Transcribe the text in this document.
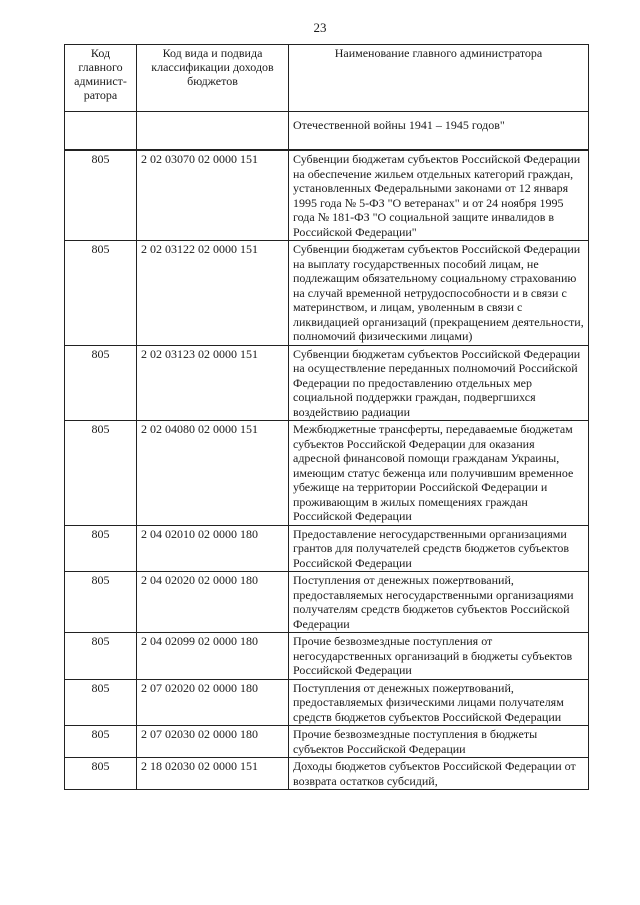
23
Код главного админист-ратора	Код вида и подвида классификации доходов бюджетов	Наименование главного администратора
		Отечественной войны 1941 – 1945 годов"

805	2 02 03070 02 0000 151	Субвенции бюджетам субъектов Российской Федерации на обеспечение жильем отдельных категорий граждан, установленных Федеральными законами от 12 января 1995 года № 5-ФЗ "О ветеранах" и от 24 ноября 1995 года № 181-ФЗ "О социальной защите инвалидов в Российской Федерации"
805	2 02 03122 02 0000 151	Субвенции бюджетам субъектов Российской Федерации на выплату государственных пособий лицам, не подлежащим обязательному социальному страхованию на случай временной нетрудоспособности и в связи с материнством, и лицам, уволенным в связи с ликвидацией организаций (прекращением деятельности, полномочий физическими лицами)
805	2 02 03123 02 0000 151	Субвенции бюджетам субъектов Российской Федерации на осуществление переданных полномочий Российской Федерации по предоставлению отдельных мер социальной поддержки граждан, подвергшихся воздействию радиации
805	2 02 04080 02 0000 151	Межбюджетные трансферты, передаваемые бюджетам субъектов Российской Федерации для оказания адресной финансовой помощи гражданам Украины, имеющим статус беженца или получившим временное убежище на территории Российской Федерации и проживающим в жилых помещениях граждан Российской Федерации
805	2 04 02010 02 0000 180	Предоставление негосударственными организациями грантов для получателей средств бюджетов субъектов Российской Федерации
805	2 04 02020 02 0000 180	Поступления от денежных пожертвований, предоставляемых негосударственными организациями получателям средств бюджетов субъектов Российской Федерации
805	2 04 02099 02 0000 180	Прочие безвозмездные поступления от негосударственных организаций в бюджеты субъектов Российской Федерации
805	2 07 02020 02 0000 180	Поступления от денежных пожертвований, предоставляемых физическими лицами получателям средств бюджетов субъектов Российской Федерации
805	2 07 02030 02 0000 180	Прочие безвозмездные поступления в бюджеты субъектов Российской Федерации
805	2 18 02030 02 0000 151	Доходы бюджетов субъектов Российской Федерации от возврата остатков субсидий,
